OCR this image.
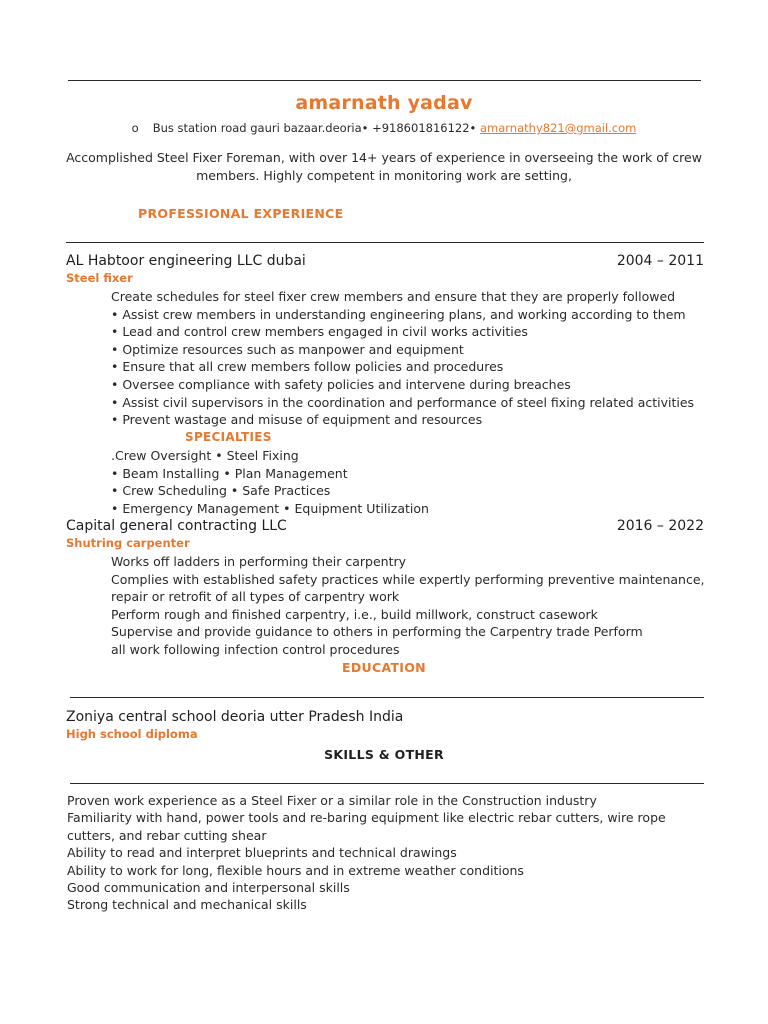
amarnath yadav
o Bus station road gauri bazaar.deoria• +918601816122• amarnathy821@gmail.com
Accomplished Steel Fixer Foreman, with over 14+ years of experience in overseeing the work of crew members. Highly competent in monitoring work are setting,
PROFESSIONAL EXPERIENCE
AL Habtoor engineering LLC dubai	2004 – 2011
Steel fixer
Create schedules for steel fixer crew members and ensure that they are properly followed
• Assist crew members in understanding engineering plans, and working according to them
• Lead and control crew members engaged in civil works activities
• Optimize resources such as manpower and equipment
• Ensure that all crew members follow policies and procedures
• Oversee compliance with safety policies and intervene during breaches
• Assist civil supervisors in the coordination and performance of steel fixing related activities
• Prevent wastage and misuse of equipment and resources
SPECIALTIES
.Crew Oversight • Steel Fixing
• Beam Installing • Plan Management
• Crew Scheduling • Safe Practices
• Emergency Management • Equipment Utilization
Capital general contracting LLC	2016 – 2022
Shutring carpenter
Works off ladders in performing their carpentry
Complies with established safety practices while expertly performing preventive maintenance,
repair or retrofit of all types of carpentry work
Perform rough and finished carpentry, i.e., build millwork, construct casework
Supervise and provide guidance to others in performing the Carpentry trade Perform
all work following infection control procedures
EDUCATION
Zoniya central school deoria utter Pradesh India
High school diploma
SKILLS & OTHER
Proven work experience as a Steel Fixer or a similar role in the Construction industry
Familiarity with hand, power tools and re-baring equipment like electric rebar cutters, wire rope cutters, and rebar cutting shear
Ability to read and interpret blueprints and technical drawings
Ability to work for long, flexible hours and in extreme weather conditions
Good communication and interpersonal skills
Strong technical and mechanical skills
